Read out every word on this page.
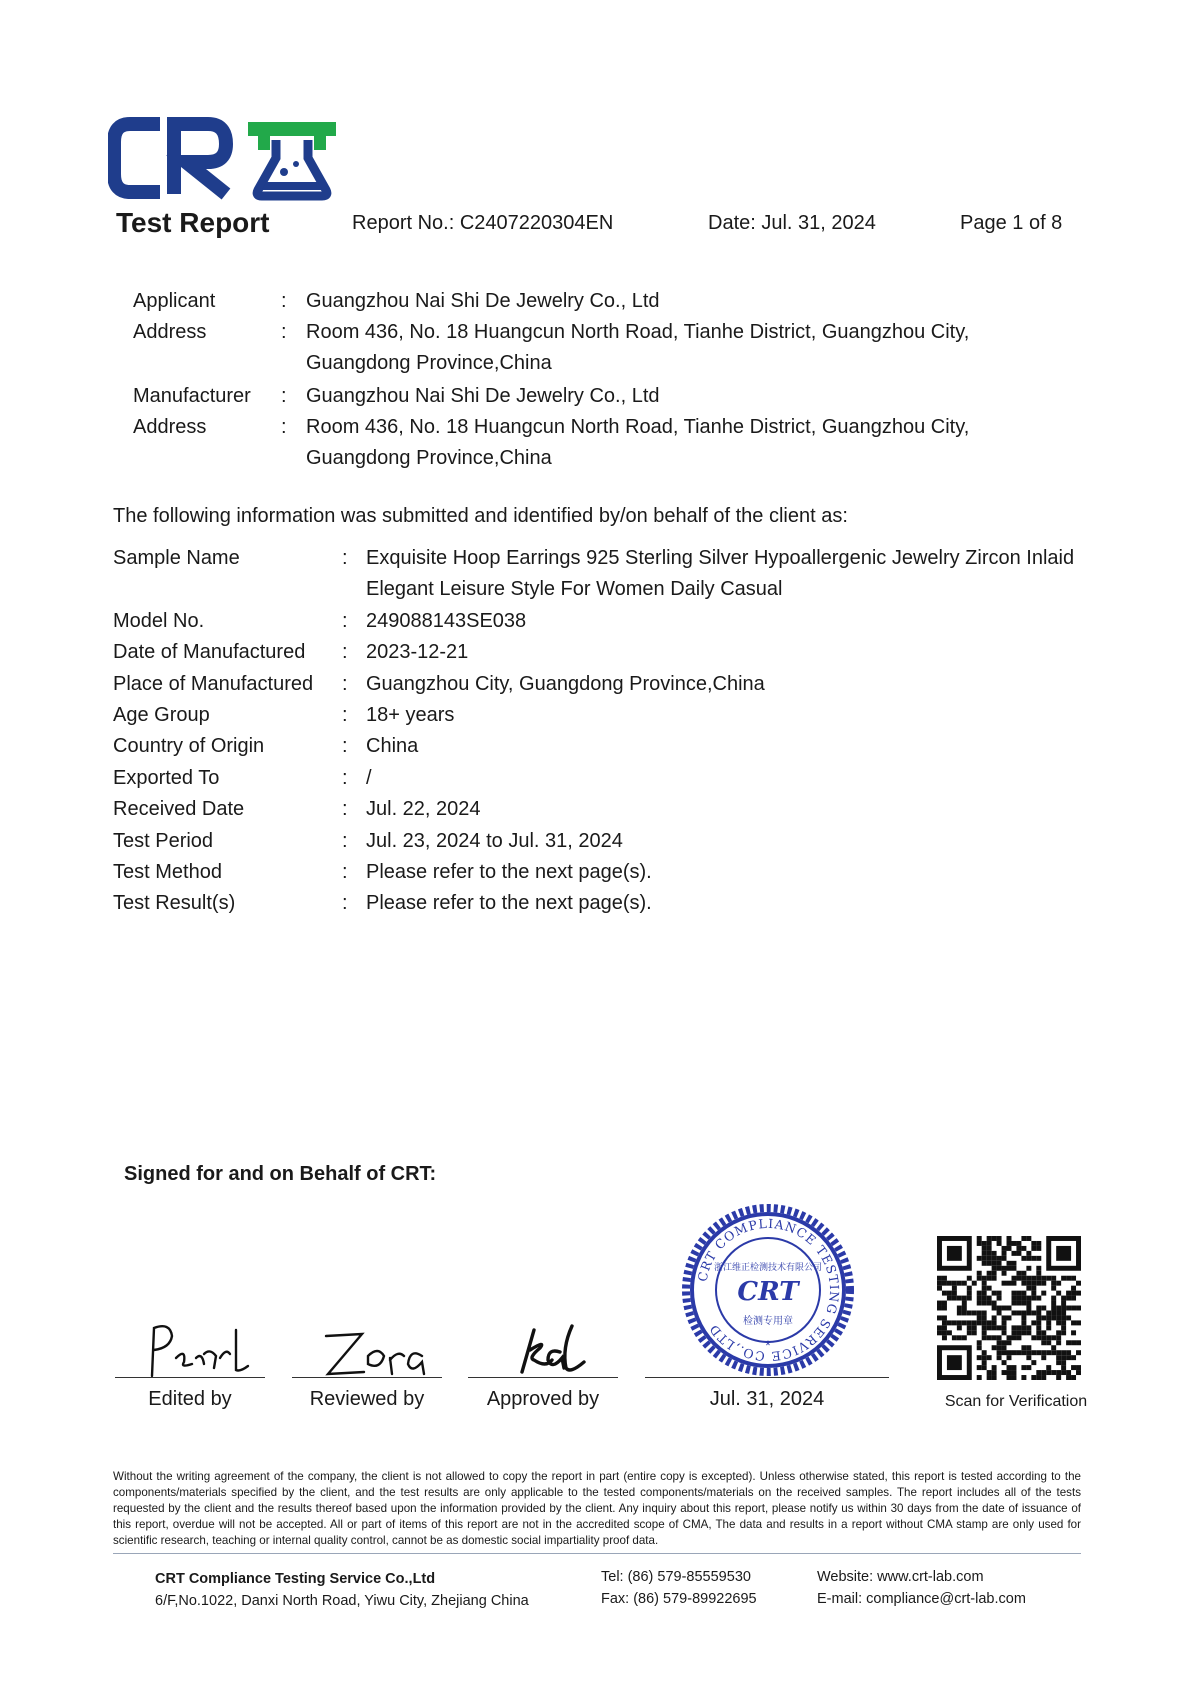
Test Report	Report No.: C2407220304EN	Date: Jul. 31, 2024	Page 1 of 8
Applicant	: Guangzhou Nai Shi De Jewelry Co., Ltd
Address	: Room 436, No. 18 Huangcun North Road, Tianhe District, Guangzhou City,
Guangdong Province,China
Manufacturer : Guangzhou Nai Shi De Jewelry Co., Ltd
Address	: Room 436, No. 18 Huangcun North Road, Tianhe District, Guangzhou City,
Guangdong Province,China
The following information was submitted and identified by/on behalf of the client as:
Sample Name	: Exquisite Hoop Earrings 925 Sterling Silver Hypoallergenic Jewelry Zircon Inlaid
Elegant Leisure Style For Women Daily Casual
Model No.	: 249088143SE038
Date of Manufactured : 2023-12-21
Place of Manufactured : Guangzhou City, Guangdong Province,China
Age Group	: 18+ years
Country of Origin	: China
Exported To	: /
Received Date	: Jul. 22, 2024
Test Period	: Jul. 23, 2024 to Jul. 31, 2024
Test Method	: Please refer to the next page(s).
Test Result(s)	: Please refer to the next page(s).
Signed for and on Behalf of CRT:
Edited by	Reviewed by	Approved by	Jul. 31, 2024	Scan for Verification
CRT COMPLIANCE TESTING SERVICE CO.,LTD
浙江维正检测技术有限公司
CRT
检测专用章
*
Without the writing agreement of the company, the client is not allowed to copy the report in part (entire copy is excepted). Unless otherwise stated, this report is tested according to the components/materials specified by the client, and the test results are only applicable to the tested components/materials on the received samples. The report includes all of the tests requested by the client and the results thereof based upon the information provided by the client. Any inquiry about this report, please notify us within 30 days from the date of issuance of this report, overdue will not be accepted. All or part of items of this report are not in the accredited scope of CMA, The data and results in a report without CMA stamp are only used for scientific research, teaching or internal quality control, cannot be as domestic social impartiality proof data.
CRT Compliance Testing Service Co.,Ltd
6/F,No.1022, Danxi North Road, Yiwu City, Zhejiang China
Tel: (86) 579-85559530
Fax: (86) 579-89922695
Website: www.crt-lab.com
E-mail: compliance@crt-lab.com
